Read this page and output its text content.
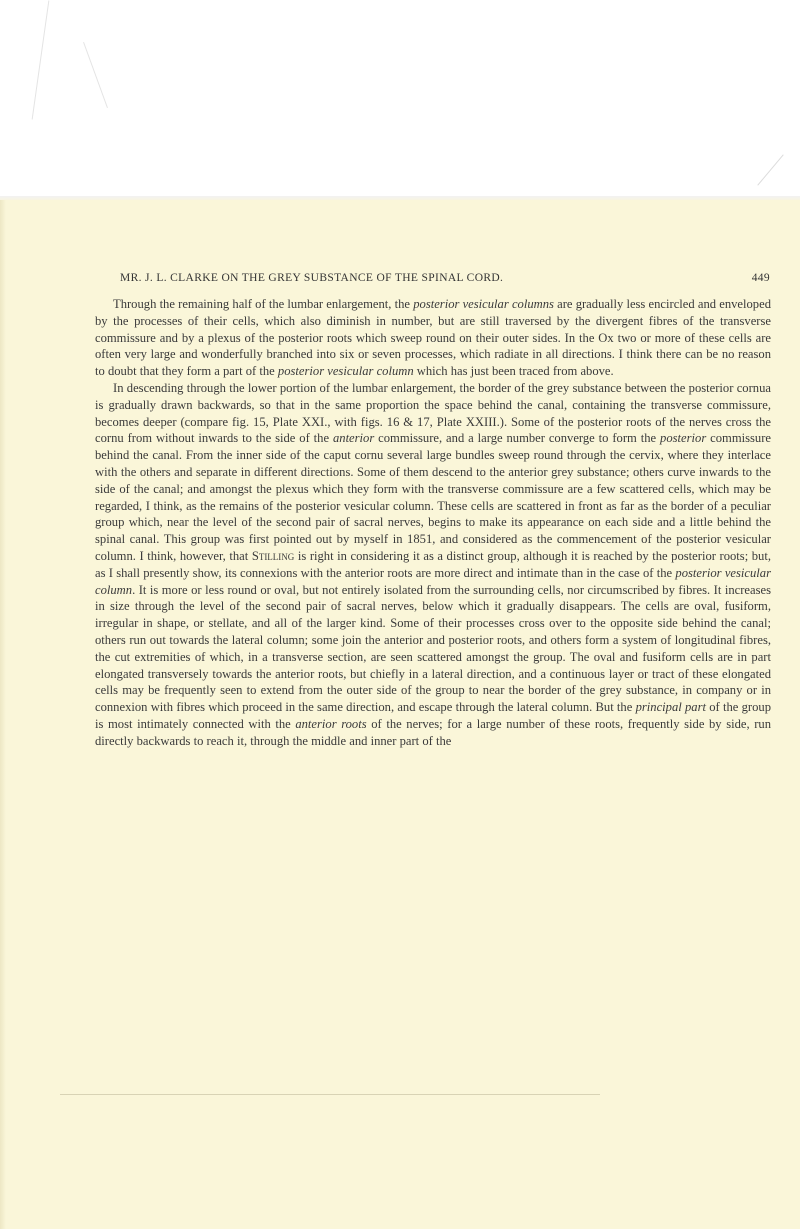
MR. J. L. CLARKE ON THE GREY SUBSTANCE OF THE SPINAL CORD.	449

Through the remaining half of the lumbar enlargement, the posterior vesicular columns are gradually less encircled and enveloped by the processes of their cells, which also diminish in number, but are still traversed by the divergent fibres of the transverse commissure and by a plexus of the posterior roots which sweep round on their outer sides. In the Ox two or more of these cells are often very large and wonderfully branched into six or seven processes, which radiate in all directions. I think there can be no reason to doubt that they form a part of the posterior vesicular column which has just been traced from above.

In descending through the lower portion of the lumbar enlargement, the border of the grey substance between the posterior cornua is gradually drawn backwards, so that in the same proportion the space behind the canal, containing the transverse commissure, becomes deeper (compare fig. 15, Plate XXI., with figs. 16 & 17, Plate XXIII.). Some of the posterior roots of the nerves cross the cornu from without inwards to the side of the anterior commissure, and a large number converge to form the posterior commissure behind the canal. From the inner side of the caput cornu several large bundles sweep round through the cervix, where they interlace with the others and separate in different directions. Some of them descend to the anterior grey substance; others curve inwards to the side of the canal; and amongst the plexus which they form with the transverse commissure are a few scattered cells, which may be regarded, I think, as the remains of the posterior vesicular column. These cells are scattered in front as far as the border of a peculiar group which, near the level of the second pair of sacral nerves, begins to make its appearance on each side and a little behind the spinal canal. This group was first pointed out by myself in 1851, and considered as the commencement of the posterior vesicular column. I think, however, that Stilling is right in considering it as a distinct group, although it is reached by the posterior roots; but, as I shall presently show, its connexions with the anterior roots are more direct and intimate than in the case of the posterior vesicular column. It is more or less round or oval, but not entirely isolated from the surrounding cells, nor circumscribed by fibres. It increases in size through the level of the second pair of sacral nerves, below which it gradually disappears. The cells are oval, fusiform, irregular in shape, or stellate, and all of the larger kind. Some of their processes cross over to the opposite side behind the canal; others run out towards the lateral column; some join the anterior and posterior roots, and others form a system of longitudinal fibres, the cut extremities of which, in a transverse section, are seen scattered amongst the group. The oval and fusiform cells are in part elongated transversely towards the anterior roots, but chiefly in a lateral direction, and a continuous layer or tract of these elongated cells may be frequently seen to extend from the outer side of the group to near the border of the grey substance, in company or in connexion with fibres which proceed in the same direction, and escape through the lateral column. But the principal part of the group is most intimately connected with the anterior roots of the nerves; for a large number of these roots, frequently side by side, run directly backwards to reach it, through the middle and inner part of the
